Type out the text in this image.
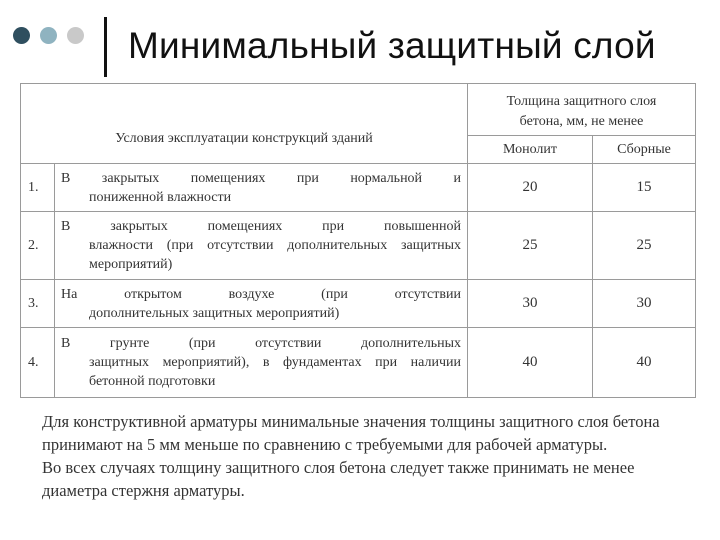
Минимальный защитный слой
Условия эксплуатации конструкций зданий		Толщина защитного слоя
бетона, мм, не менее	

		Монолит	Сборные
1.	В закрытых помещениях при нормальной и
пониженной влажности	20	15
2.	В закрытых помещениях при повышенной
влажности (при отсутствии дополнительных защитных мероприятий)	25	25
3.	На открытом воздухе (при отсутствии
дополнительных защитных мероприятий)	30	30
4.	В грунте (при отсутствии дополнительных
защитных мероприятий), в фундаментах при наличии бетонной подготовки	40	40

Для конструктивной арматуры минимальные значения толщины защитного слоя бетона принимают на 5 мм меньше по сравнению с требуемыми для рабочей арматуры.

Во всех случаях толщину защитного слоя бетона следует также принимать не менее диаметра стержня арматуры.
